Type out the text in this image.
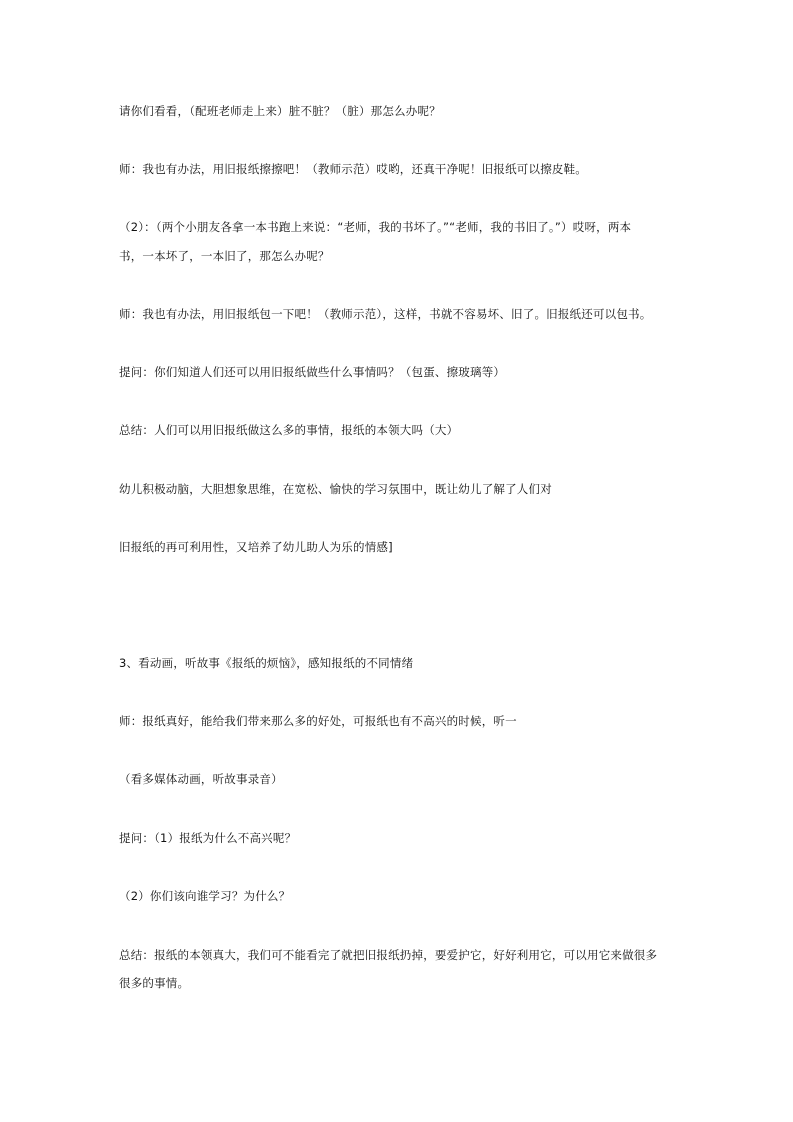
请你们看看，（配班老师走上来）脏不脏？（脏）那怎么办呢？
师：我也有办法，用旧报纸擦擦吧！（教师示范）哎哟，还真干净呢！旧报纸可以擦皮鞋。
（2）：（两个小朋友各拿一本书跑上来说：“老师，我的书坏了。”“老师，我的书旧了。”）哎呀，两本
书，一本坏了，一本旧了，那怎么办呢？
师：我也有办法，用旧报纸包一下吧！（教师示范），这样，书就不容易坏、旧了。旧报纸还可以包书。
提问：你们知道人们还可以用旧报纸做些什么事情吗？（包蛋、擦玻璃等）
总结：人们可以用旧报纸做这么多的事情，报纸的本领大吗（大）
幼儿积极动脑，大胆想象思维，在宽松、愉快的学习氛围中，既让幼儿了解了人们对
旧报纸的再可利用性，又培养了幼儿助人为乐的情感]
3、看动画，听故事《报纸的烦恼》，感知报纸的不同情绪
师：报纸真好，能给我们带来那么多的好处，可报纸也有不高兴的时候，听一
（看多媒体动画，听故事录音）
提问：（1）报纸为什么不高兴呢？
（2）你们该向谁学习？为什么？
总结：报纸的本领真大，我们可不能看完了就把旧报纸扔掉，要爱护它，好好利用它，可以用它来做很多
很多的事情。
